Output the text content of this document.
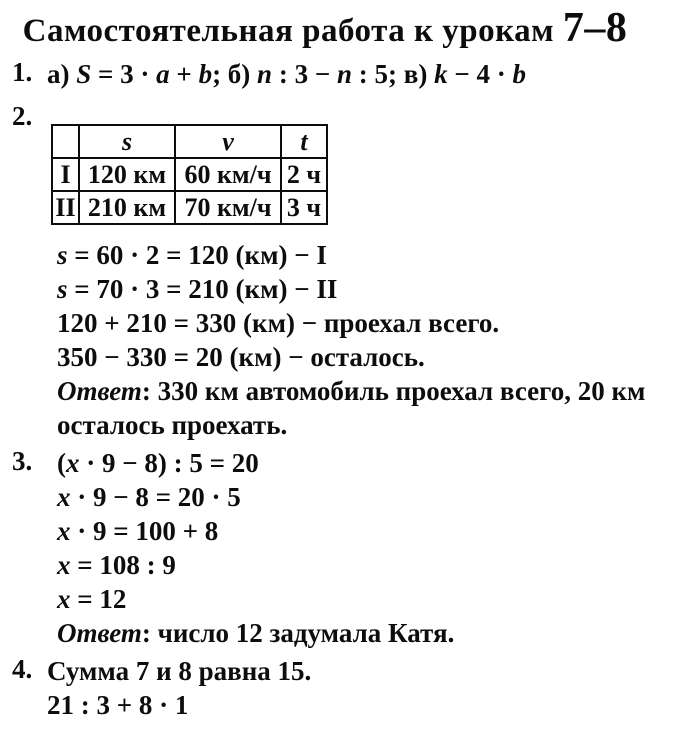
Самостоятельная работа к урокам 7–8
1. а) S = 3 · a + b; б) n : 3 − n : 5; в) k − 4 · b
2.
	s	v	t
I	120 км	60 км/ч	2 ч
II	210 км	70 км/ч	3 ч
s = 60 · 2 = 120 (км) − I
s = 70 · 3 = 210 (км) − II
120 + 210 = 330 (км) − проехал всего.
350 − 330 = 20 (км) − осталось.
Ответ: 330 км автомобиль проехал всего, 20 км
осталось проехать.
3. (x · 9 − 8) : 5 = 20
x · 9 − 8 = 20 · 5
x · 9 = 100 + 8
x = 108 : 9
x = 12
Ответ: число 12 задумала Катя.
4. Сумма 7 и 8 равна 15.
21 : 3 + 8 · 1
